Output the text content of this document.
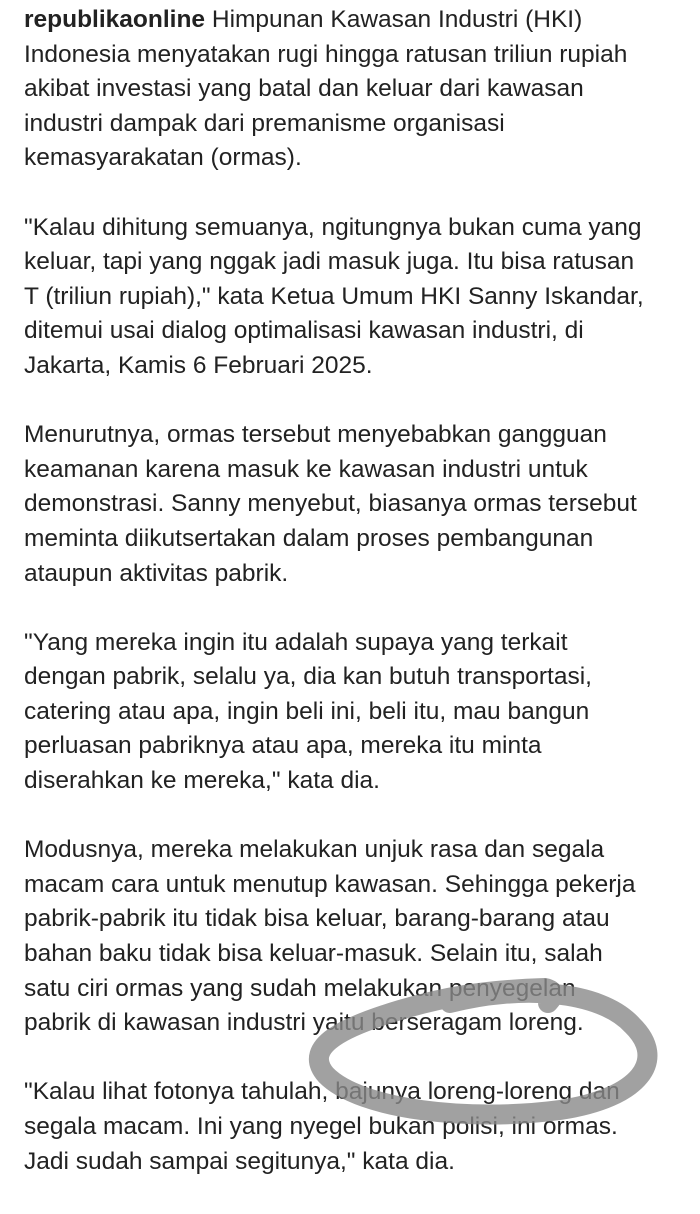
republikaonline Himpunan Kawasan Industri (HKI)
Indonesia menyatakan rugi hingga ratusan triliun rupiah
akibat investasi yang batal dan keluar dari kawasan
industri dampak dari premanisme organisasi
kemasyarakatan (ormas).

"Kalau dihitung semuanya, ngitungnya bukan cuma yang
keluar, tapi yang nggak jadi masuk juga. Itu bisa ratusan
T (triliun rupiah)," kata Ketua Umum HKI Sanny Iskandar,
ditemui usai dialog optimalisasi kawasan industri, di
Jakarta, Kamis 6 Februari 2025.

Menurutnya, ormas tersebut menyebabkan gangguan
keamanan karena masuk ke kawasan industri untuk
demonstrasi. Sanny menyebut, biasanya ormas tersebut
meminta diikutsertakan dalam proses pembangunan
ataupun aktivitas pabrik.

"Yang mereka ingin itu adalah supaya yang terkait
dengan pabrik, selalu ya, dia kan butuh transportasi,
catering atau apa, ingin beli ini, beli itu, mau bangun
perluasan pabriknya atau apa, mereka itu minta
diserahkan ke mereka," kata dia.

Modusnya, mereka melakukan unjuk rasa dan segala
macam cara untuk menutup kawasan. Sehingga pekerja
pabrik-pabrik itu tidak bisa keluar, barang-barang atau
bahan baku tidak bisa keluar-masuk. Selain itu, salah
satu ciri ormas yang sudah melakukan penyegelan
pabrik di kawasan industri yaitu berseragam loreng.

"Kalau lihat fotonya tahulah, bajunya loreng-loreng dan
segala macam. Ini yang nyegel bukan polisi, ini ormas.
Jadi sudah sampai segitunya," kata dia.
